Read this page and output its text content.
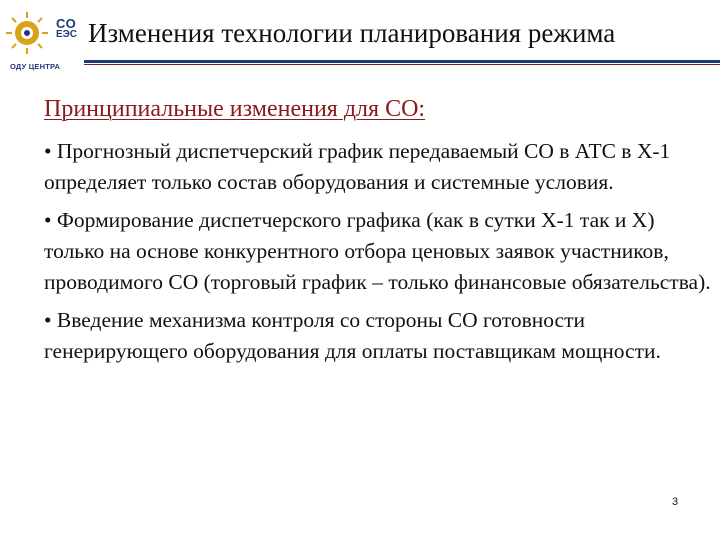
СО
ЕЭС
ОДУ ЦЕНТРА
Изменения технологии планирования режима
Принципиальные изменения для СО:
• Прогнозный диспетчерский график передаваемый СО в АТС в Х-1 определяет только состав оборудования и системные условия.
• Формирование диспетчерского графика (как в сутки Х-1 так и Х) только на основе конкурентного отбора ценовых заявок участников, проводимого СО (торговый график – только финансовые обязательства).
• Введение механизма контроля со стороны СО готовности генерирующего оборудования для оплаты поставщикам мощности.
3
